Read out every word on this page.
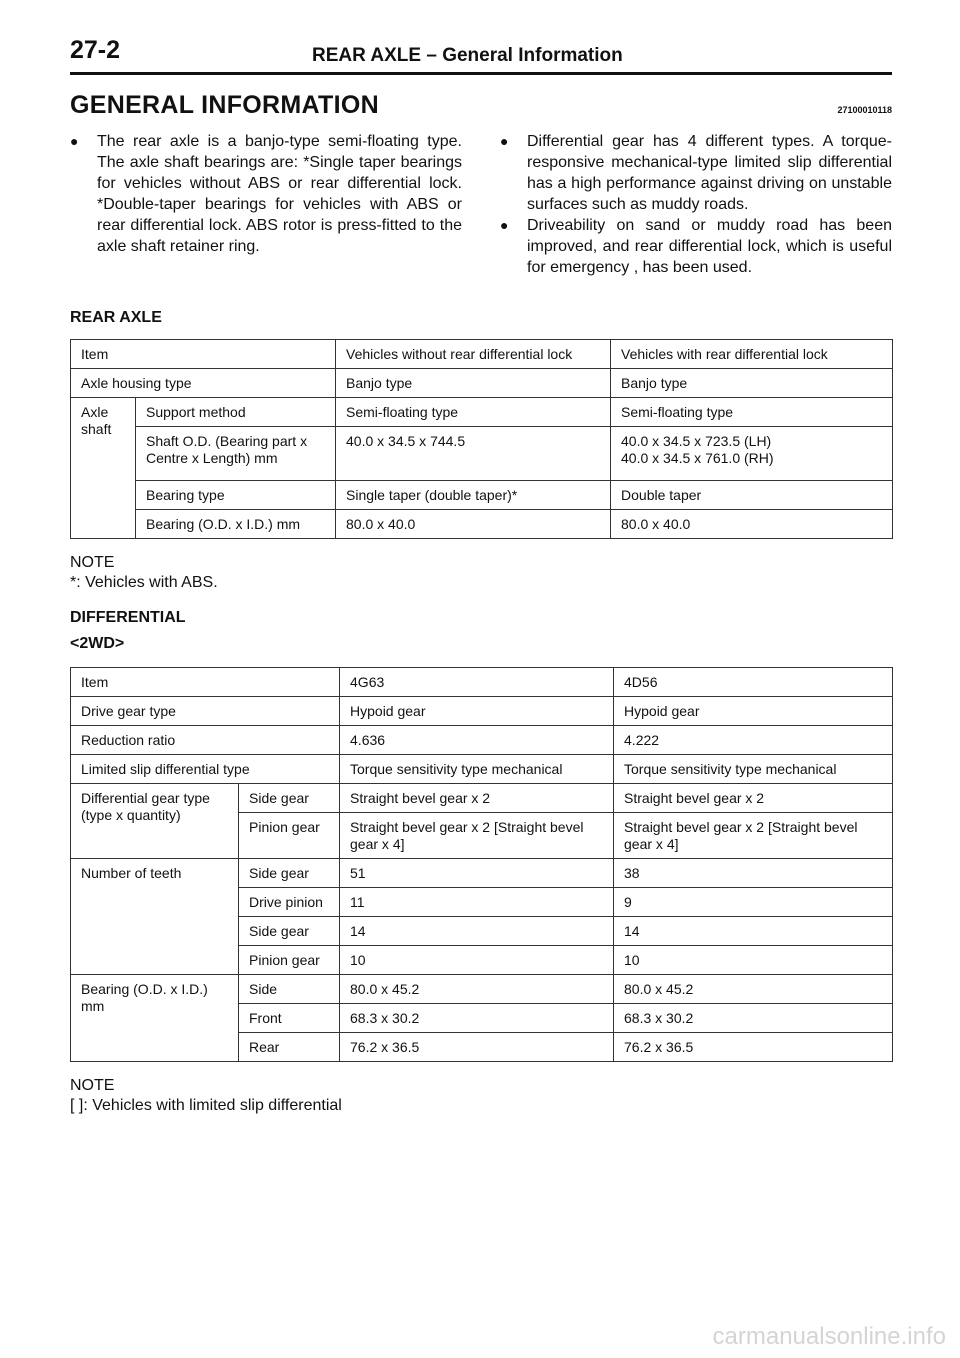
27-2	REAR AXLE – General Information
GENERAL INFORMATION	27100010118
● The rear axle is a banjo-type semi-floating type. The axle shaft bearings are: *Single taper bearings for vehicles without ABS or rear differential lock. *Double-taper bearings for vehicles with ABS or rear differential lock. ABS rotor is press-fitted to the axle shaft retainer ring.
● Differential gear has 4 different types. A torque-responsive mechanical-type limited slip differential has a high performance against driving on unstable surfaces such as muddy roads.
● Driveability on sand or muddy road has been improved, and rear differential lock, which is useful for emergency , has been used.
REAR AXLE
Item		Vehicles without rear differential lock	Vehicles with rear differential lock
Axle housing type		Banjo type	Banjo type
Axle shaft	Support method	Semi-floating type	Semi-floating type
	Shaft O.D. (Bearing part x Centre x Length) mm	40.0 x 34.5 x 744.5	40.0 x 34.5 x 723.5 (LH)
40.0 x 34.5 x 761.0 (RH)
	Bearing type	Single taper (double taper)*	Double taper
	Bearing (O.D. x I.D.) mm	80.0 x 40.0	80.0 x 40.0
NOTE
*: Vehicles with ABS.
DIFFERENTIAL
<2WD>
Item		4G63	4D56
Drive gear type		Hypoid gear	Hypoid gear
Reduction ratio		4.636	4.222
Limited slip differential type		Torque sensitivity type mechanical	Torque sensitivity type mechanical
Differential gear type (type x quantity)	Side gear	Straight bevel gear x 2	Straight bevel gear x 2
	Pinion gear	Straight bevel gear x 2 [Straight bevel gear x 4]	Straight bevel gear x 2 [Straight bevel gear x 4]
Number of teeth	Side gear	51	38
	Drive pinion	11	9
	Side gear	14	14
	Pinion gear	10	10
Bearing (O.D. x I.D.) mm	Side	80.0 x 45.2	80.0 x 45.2
	Front	68.3 x 30.2	68.3 x 30.2
	Rear	76.2 x 36.5	76.2 x 36.5
NOTE
[ ]: Vehicles with limited slip differential
carmanualsonline.info
